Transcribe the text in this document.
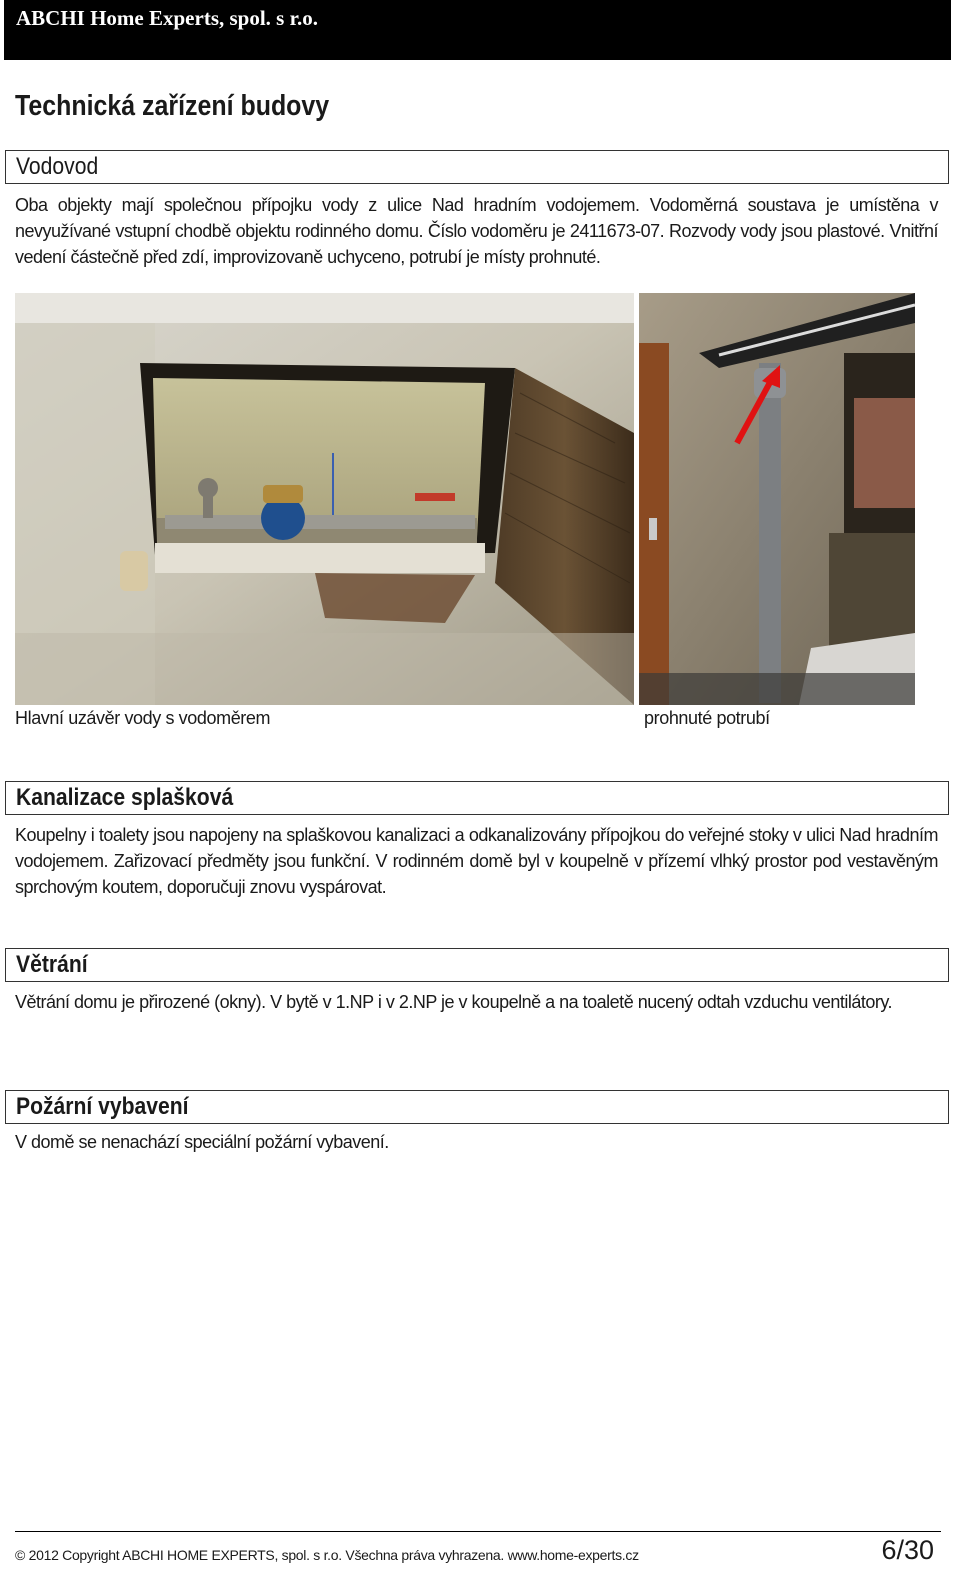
ABCHI Home Experts, spol. s r.o.
Technická zařízení budovy
Vodovod
Oba objekty mají společnou přípojku vody z ulice Nad hradním vodojemem. Vodoměrná soustava je umístěna v nevyužívané vstupní chodbě objektu rodinného domu. Číslo vodoměru je 2411673-07. Rozvody vody jsou plastové. Vnitřní vedení částečně před zdí, improvizovaně uchyceno, potrubí je místy prohnuté.
Hlavní uzávěr vody s vodoměrem	prohnuté potrubí
Kanalizace splašková
Koupelny i toalety jsou napojeny na splaškovou kanalizaci a odkanalizovány přípojkou do veřejné stoky v ulici Nad hradním vodojemem. Zařizovací předměty jsou funkční. V rodinném domě byl v koupelně v přízemí vlhký prostor pod vestavěným sprchovým koutem, doporučuji znovu vyspárovat.
Větrání
Větrání domu je přirozené (okny). V bytě v 1.NP i v 2.NP je v koupelně a na toaletě nucený odtah vzduchu ventilátory.
Požární vybavení
V domě se nenachází speciální požární vybavení.
© 2012 Copyright ABCHI HOME EXPERTS, spol. s r.o. Všechna práva vyhrazena. www.home-experts.cz	6/30
